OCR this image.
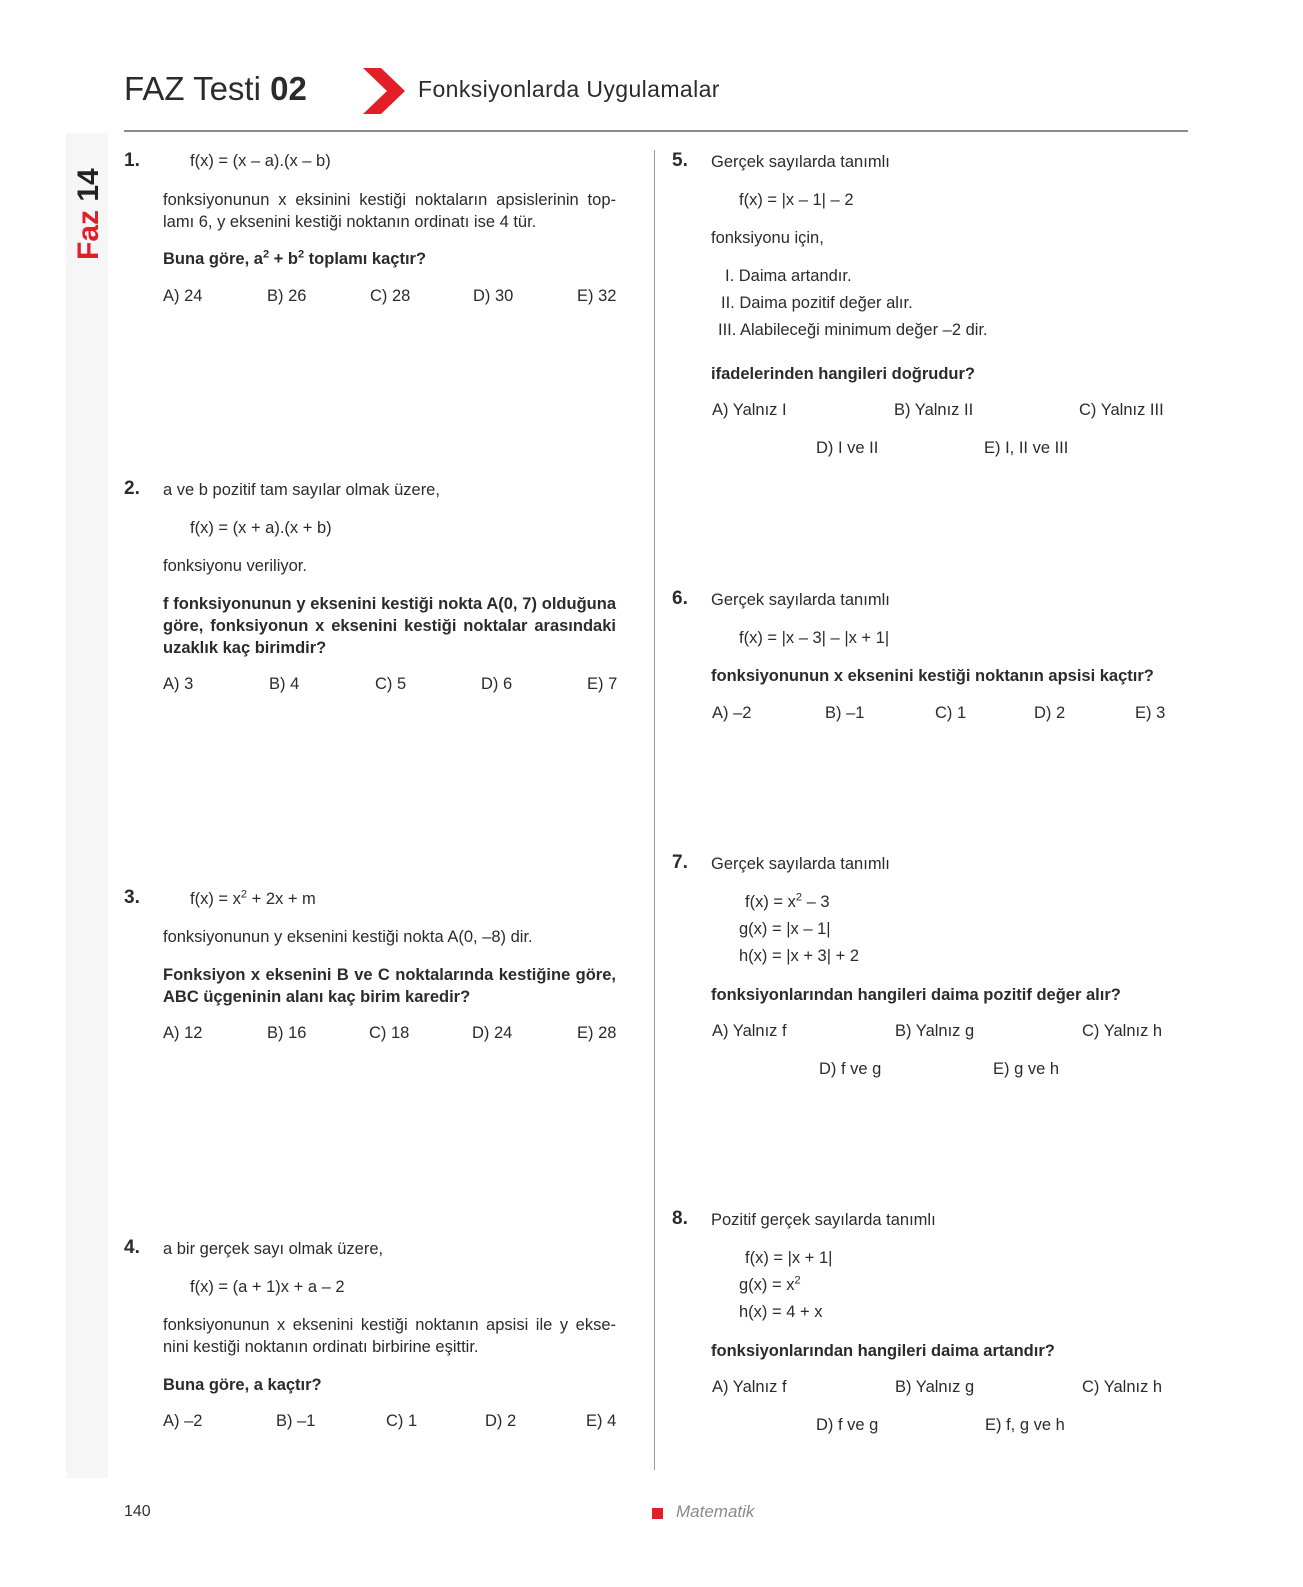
FAZ Testi 02	Fonksiyonlarda Uygulamalar
Faz 14
1.	f(x) = (x – a).(x – b)
fonksiyonunun x eksinini kestiği noktaların apsislerinin top-lamı 6, y eksenini kestiği noktanın ordinatı ise 4 tür.
Buna göre, $a^2 + b^2$ toplamı kaçtır?
A) 24	B) 26	C) 28	D) 30	E) 32
2. a ve b pozitif tam sayılar olmak üzere,
f(x) = (x + a).(x + b)
fonksiyonu veriliyor.
f fonksiyonunun y eksenini kestiği nokta A(0, 7) olduğuna göre, fonksiyonun x eksenini kestiği noktalar arasındaki uzaklık kaç birimdir?
A) 3	B) 4	C) 5	D) 6	E) 7
3.	$f(x) = x^2 + 2x + m$
fonksiyonunun y eksenini kestiği nokta A(0, –8) dir.
Fonksiyon x eksenini B ve C noktalarında kestiğine göre, ABC üçgeninin alanı kaç birim karedir?
A) 12	B) 16	C) 18	D) 24	E) 28
4. a bir gerçek sayı olmak üzere,
f(x) = (a + 1)x + a – 2
fonksiyonunun x eksenini kestiği noktanın apsisi ile y ekse-nini kestiği noktanın ordinatı birbirine eşittir.
Buna göre, a kaçtır?
A) –2	B) –1	C) 1	D) 2	E) 4
5. Gerçek sayılarda tanımlı
f(x) = |x – 1| – 2
fonksiyonu için,
I. Daima artandır.
II. Daima pozitif değer alır.
III. Alabileceği minimum değer –2 dir.
ifadelerinden hangileri doğrudur?
A) Yalnız I	B) Yalnız II	C) Yalnız III
D) I ve II	E) I, II ve III
6. Gerçek sayılarda tanımlı
f(x) = |x – 3| – |x + 1|
fonksiyonunun x eksenini kestiği noktanın apsisi kaçtır?
A) –2	B) –1	C) 1	D) 2	E) 3
7. Gerçek sayılarda tanımlı
$f(x) = x^2 - 3$
g(x) = |x – 1|
h(x) = |x + 3| + 2
fonksiyonlarından hangileri daima pozitif değer alır?
A) Yalnız f	B) Yalnız g	C) Yalnız h
D) f ve g	E) g ve h
8. Pozitif gerçek sayılarda tanımlı
f(x) = |x + 1|
$g(x) = x^2$
h(x) = 4 + x
fonksiyonlarından hangileri daima artandır?
A) Yalnız f	B) Yalnız g	C) Yalnız h
D) f ve g	E) f, g ve h
140	Matematik
